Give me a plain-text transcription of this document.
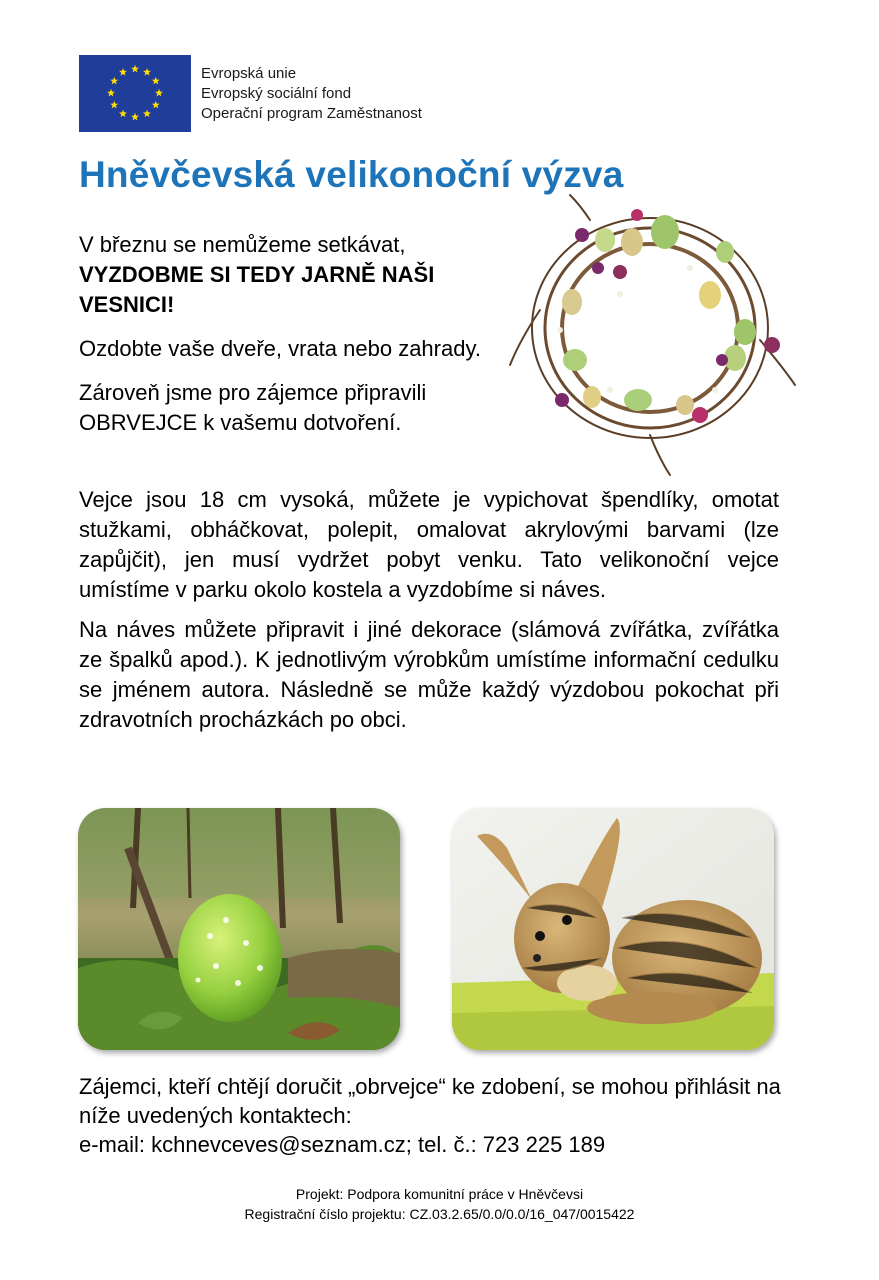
Evropská unie
Evropský sociální fond
Operační program Zaměstnanost
Hněvčevská velikonoční výzva

V březnu se nemůžeme setkávat,
VYZDOBME SI TEDY JARNĚ NAŠI VESNICI!

Ozdobte vaše dveře, vrata nebo zahrady.

Zároveň jsme pro zájemce připravili OBRVEJCE k vašemu dotvoření.

Vejce jsou 18 cm vysoká, můžete je vypichovat špendlíky, omotat stužkami, obháčkovat, polepit, omalovat akrylovými barvami (lze zapůjčit), jen musí vydržet pobyt venku. Tato velikonoční vejce umístíme v parku okolo kostela a vyzdobíme si náves.

Na náves můžete připravit i jiné dekorace (slámová zvířátka, zvířátka ze špalků apod.). K jednotlivým výrobkům umístíme informační cedulku se jménem autora. Následně se může každý výzdobou pokochat při zdravotních procházkách po obci.

Zájemci, kteří chtějí doručit „obrvejce“ ke zdobení, se mohou přihlásit na níže uvedených kontaktech:
e-mail: kchnevceves@seznam.cz; tel. č.: 723 225 189
Projekt: Podpora komunitní práce v Hněvčevsi
Registrační číslo projektu: CZ.03.2.65/0.0/0.0/16_047/0015422
